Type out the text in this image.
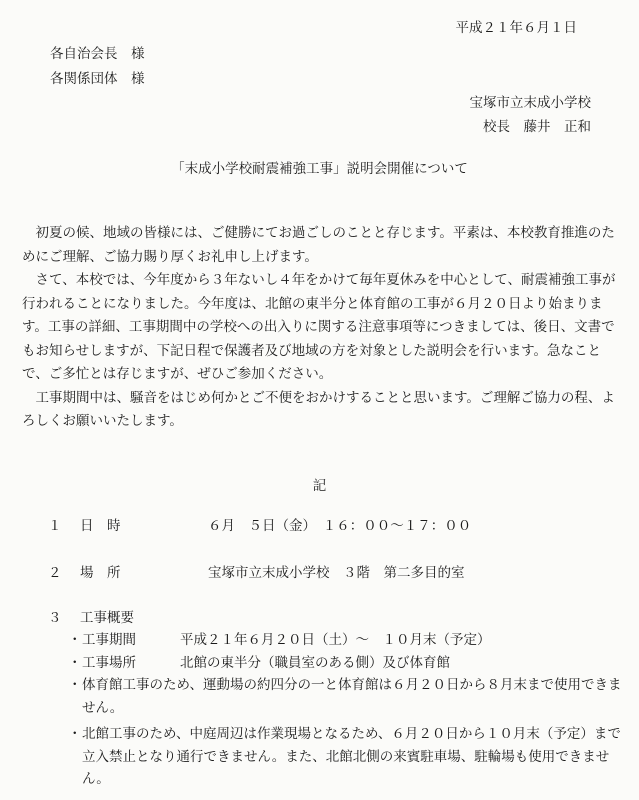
平成２１年６月１日
各自治会長　様
各関係団体　様
宝塚市立末成小学校
校長　藤井　正和
「末成小学校耐震補強工事」説明会開催について

　初夏の候、地域の皆様には、ご健勝にてお過ごしのことと存じます。平素は、本校教育推進のためにご理解、ご協力賜り厚くお礼申し上げます。

　さて、本校では、今年度から３年ないし４年をかけて毎年夏休みを中心として、耐震補強工事が行われることになりました。今年度は、北館の東半分と体育館の工事が６月２０日より始まります。工事の詳細、工事期間中の学校への出入りに関する注意事項等につきましては、後日、文書でもお知らせしますが、下記日程で保護者及び地域の方を対象とした説明会を行います。急なことで、ご多忙とは存じますが、ぜひご参加ください。

　工事期間中は、騒音をはじめ何かとご不便をおかけすることと思います。ご理解ご協力の程、よろしくお願いいたします。

記
１	日　時	６月　５日（金）　１６：００～１７：００
２	場　所	宝塚市立末成小学校　３階　第二多目的室
３	工事概要
・ 工事期間	平成２１年６月２０日（土）～　１０月末（予定）
・ 工事場所	北館の東半分（職員室のある側）及び体育館
・ 体育館工事のため、運動場の約四分の一と体育館は６月２０日から８月末まで使用できません。
・ 北館工事のため、中庭周辺は作業現場となるため、６月２０日から１０月末（予定）まで立入禁止となり通行できません。また、北館北側の来賓駐車場、駐輪場も使用できません。
